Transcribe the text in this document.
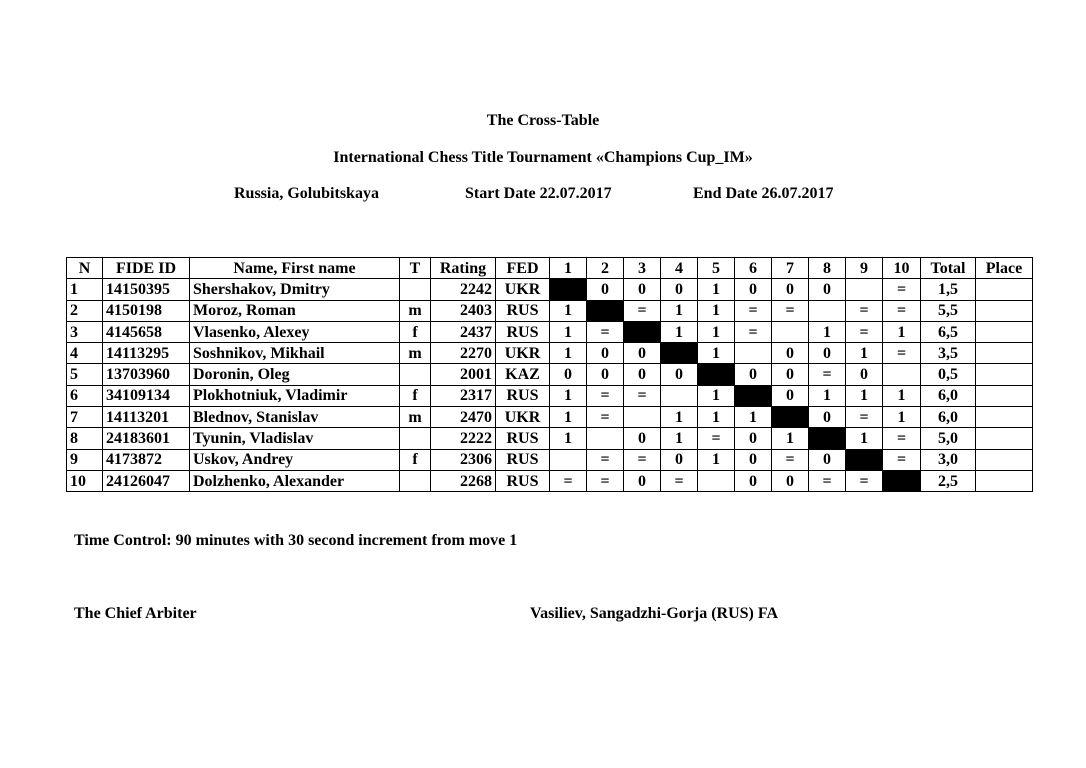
The Cross-Table
International Chess Title Tournament «Champions Cup_IM»
Russia, Golubitskaya	Start Date 22.07.2017	End Date 26.07.2017
N	FIDE ID	Name, First name	T	Rating	FED	1	2	3	4	5	6	7	8	9	10	Total	Place
1	14150395	Shershakov, Dmitry		2242	UKR		0	0	0	1	0	0	0		=	1,5	
2	4150198	Moroz, Roman	m	2403	RUS	1		=	1	1	=	=		=	=	5,5	
3	4145658	Vlasenko, Alexey	f	2437	RUS	1	=		1	1	=		1	=	1	6,5	
4	14113295	Soshnikov, Mikhail	m	2270	UKR	1	0	0		1		0	0	1	=	3,5	
5	13703960	Doronin, Oleg		2001	KAZ	0	0	0	0		0	0	=	0		0,5	
6	34109134	Plokhotniuk, Vladimir	f	2317	RUS	1	=	=		1		0	1	1	1	6,0	
7	14113201	Blednov, Stanislav	m	2470	UKR	1	=		1	1	1		0	=	1	6,0	
8	24183601	Tyunin, Vladislav		2222	RUS	1		0	1	=	0	1		1	=	5,0	
9	4173872	Uskov, Andrey	f	2306	RUS		=	=	0	1	0	=	0		=	3,0	
10	24126047	Dolzhenko, Alexander		2268	RUS	=	=	0	=		0	0	=	=		2,5	
Time Control: 90 minutes with 30 second increment from move 1
The Chief Arbiter	Vasiliev, Sangadzhi-Gorja (RUS) FA
